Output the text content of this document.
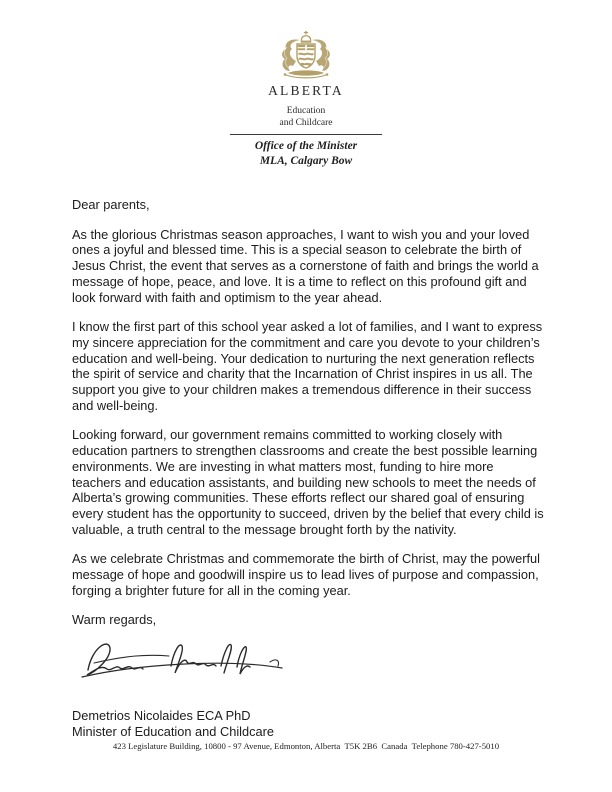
ALBERTA
Education
and Childcare
Office of the Minister
MLA, Calgary Bow

Dear parents,

As the glorious Christmas season approaches, I want to wish you and your loved ones a joyful and blessed time. This is a special season to celebrate the birth of Jesus Christ, the event that serves as a cornerstone of faith and brings the world a message of hope, peace, and love. It is a time to reflect on this profound gift and look forward with faith and optimism to the year ahead.

I know the first part of this school year asked a lot of families, and I want to express my sincere appreciation for the commitment and care you devote to your children’s education and well-being. Your dedication to nurturing the next generation reflects the spirit of service and charity that the Incarnation of Christ inspires in us all. The support you give to your children makes a tremendous difference in their success and well-being.

Looking forward, our government remains committed to working closely with education partners to strengthen classrooms and create the best possible learning environments. We are investing in what matters most, funding to hire more teachers and education assistants, and building new schools to meet the needs of Alberta’s growing communities. These efforts reflect our shared goal of ensuring every student has the opportunity to succeed, driven by the belief that every child is valuable, a truth central to the message brought forth by the nativity.

As we celebrate Christmas and commemorate the birth of Christ, may the powerful message of hope and goodwill inspire us to lead lives of purpose and compassion, forging a brighter future for all in the coming year.

Warm regards,

Demetrios Nicolaides ECA PhD
Minister of Education and Childcare
423 Legislature Building, 10800 - 97 Avenue, Edmonton, Alberta  T5K 2B6  Canada  Telephone 780-427-5010
